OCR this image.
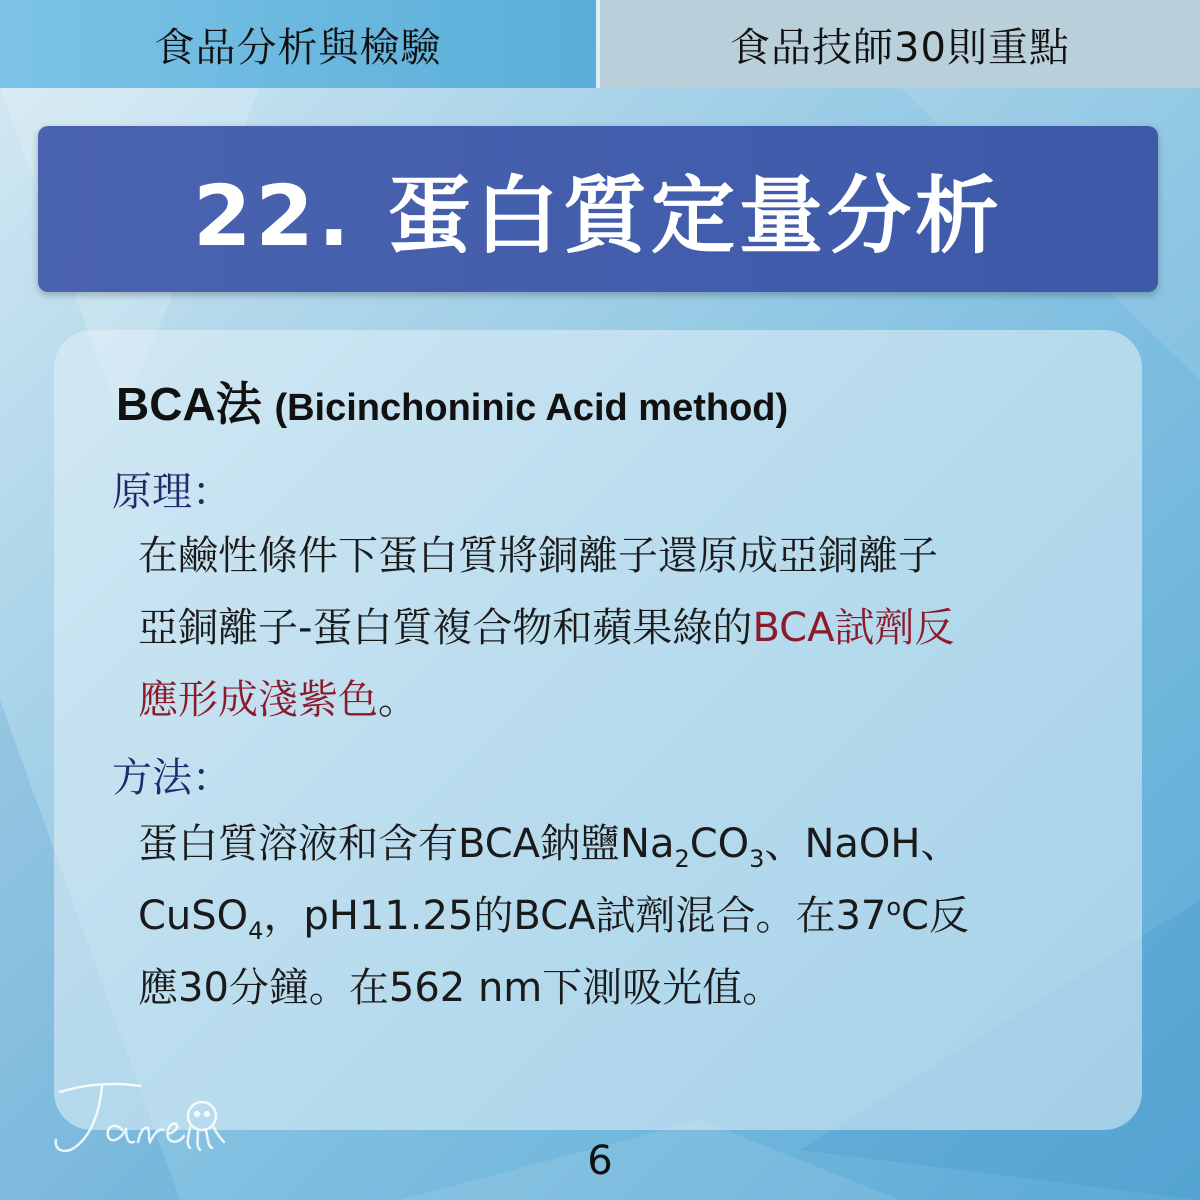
食品分析與檢驗	食品技師30則重點
22. 蛋白質定量分析
BCA法 (Bicinchoninic Acid method)
原理：
在鹼性條件下蛋白質將銅離子還原成亞銅離子
亞銅離子-蛋白質複合物和蘋果綠的BCA試劑反
應形成淺紫色。
方法：
蛋白質溶液和含有BCA鈉鹽$Na_2CO_3$、NaOH、
CuSO$_4$，pH11.25的BCA試劑混合。在37$^o$C反
應30分鐘。在562 nm下測吸光值。
6
